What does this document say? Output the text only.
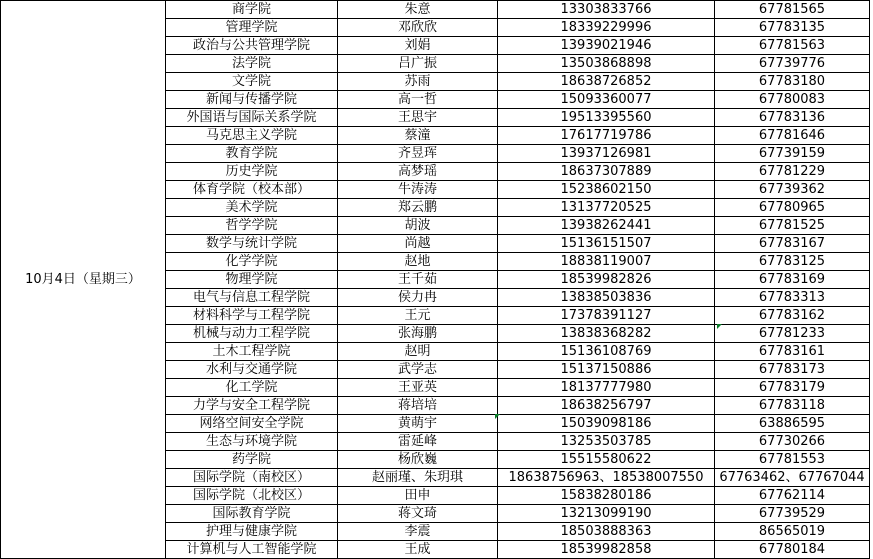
10月4日（星期三）	商学院	朱意	13303833766	67781565
	管理学院	邓欣欣	18339229996	67783135
	政治与公共管理学院	刘娟	13939021946	67781563
	法学院	吕广振	13503868898	67739776
	文学院	苏雨	18638726852	67783180
	新闻与传播学院	高一哲	15093360077	67780083
	外国语与国际关系学院	王思宇	19513395560	67783136
	马克思主义学院	蔡潼	17617719786	67781646
	教育学院	齐昱珲	13937126981	67739159
	历史学院	高梦瑶	18637307889	67781229
	体育学院（校本部）	牛涛涛	15238602150	67739362
	美术学院	郑云鹏	13137720525	67780965
	哲学学院	胡波	13938262441	67781525
	数学与统计学院	尚越	15136151507	67783167
	化学学院	赵地	18838119007	67783125
	物理学院	王千茹	18539982826	67783169
	电气与信息工程学院	侯力冉	13838503836	67783313
	材料科学与工程学院	王元	17378391127	67783162
	机械与动力工程学院	张海鹏	13838368282	67781233
	土木工程学院	赵明	15136108769	67783161
	水利与交通学院	武学志	15137150886	67783173
	化工学院	王亚英	18137777980	67783179
	力学与安全工程学院	蒋培培	18638256797	67783118
	网络空间安全学院	黄萌宇	15039098186	63886595
	生态与环境学院	雷延峰	13253503785	67730266
	药学院	杨欣巍	15515580622	67781553
	国际学院（南校区）	赵丽瑾、朱玥琪	18638756963、18538007550	67763462、67767044
	国际学院（北校区）	田申	15838280186	67762114
	国际教育学院	蒋文琦	13213099190	67739529
	护理与健康学院	李震	18503888363	86565019
	计算机与人工智能学院	王成	18539982858	67780184
